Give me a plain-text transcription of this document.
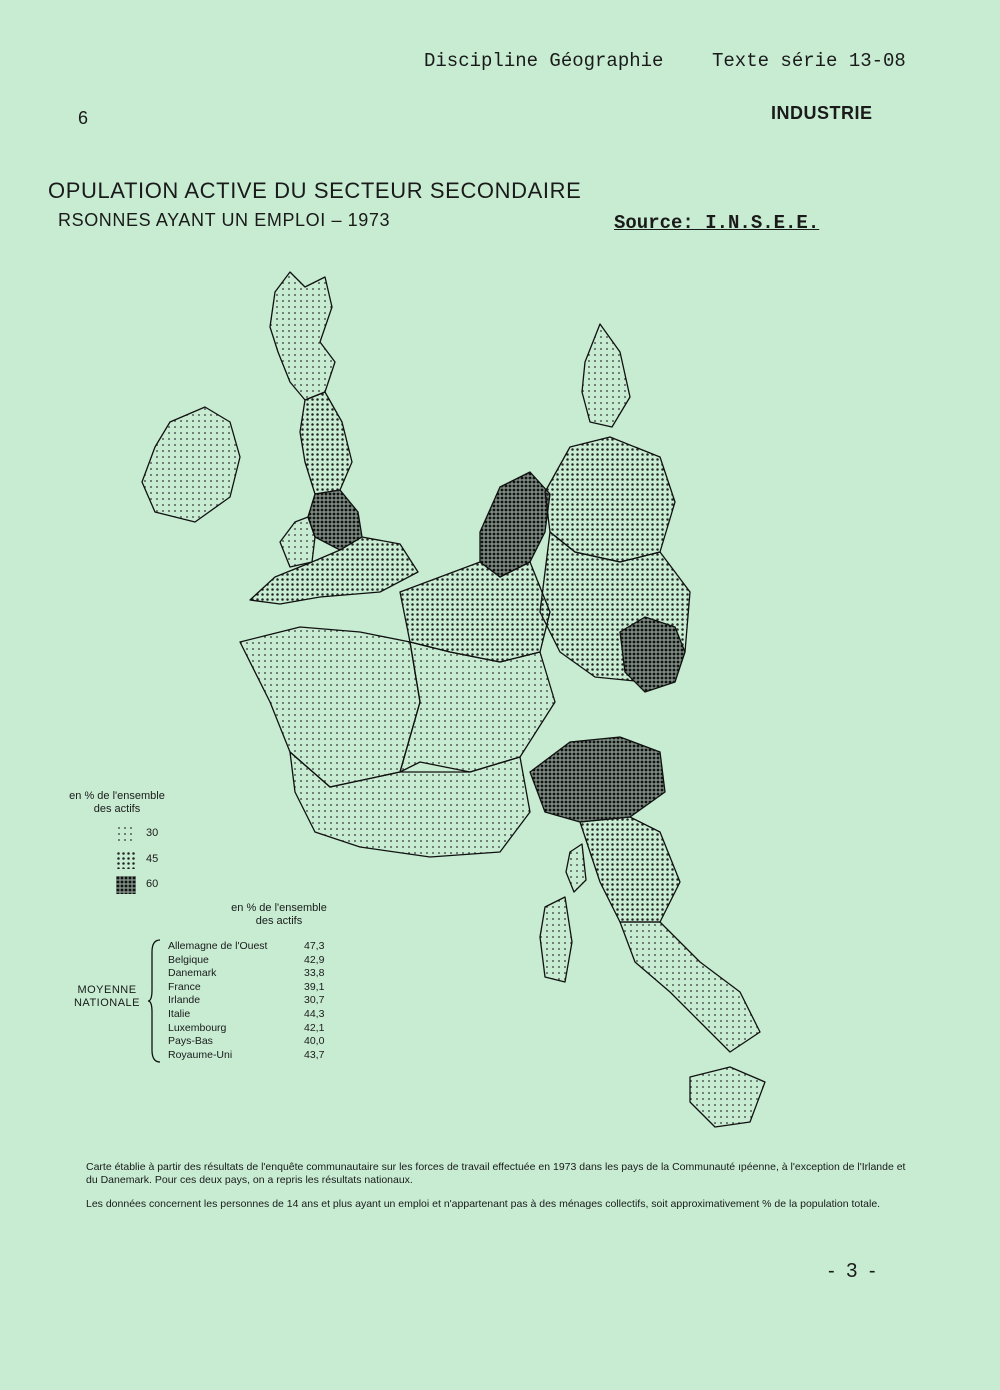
Discipline Géographie	Texte série 13-08
6	INDUSTRIE
OPULATION ACTIVE DU SECTEUR SECONDAIRE
RSONNES AYANT UN EMPLOI – 1973	Source: I.N.S.E.E.
en % de l'ensemble des actifs
30
45
60
en % de l'ensemble des actifs
MOYENNE NATIONALE
Allemagne de l'Ouest	47,3
Belgique	42,9
Danemark	33,8
France	39,1
Irlande	30,7
Italie	44,3
Luxembourg	42,1
Pays-Bas	40,0
Royaume-Uni	43,7
Carte établie à partir des résultats de l'enquête communautaire sur les forces de travail effectuée en 1973 dans les pays de la Communauté ıpéenne, à l'exception de l'Irlande et du Danemark. Pour ces deux pays, on a repris les résultats nationaux.
Les données concernent les personnes de 14 ans et plus ayant un emploi et n'appartenant pas à des ménages collectifs, soit approximativement % de la population totale.
- 3 -
